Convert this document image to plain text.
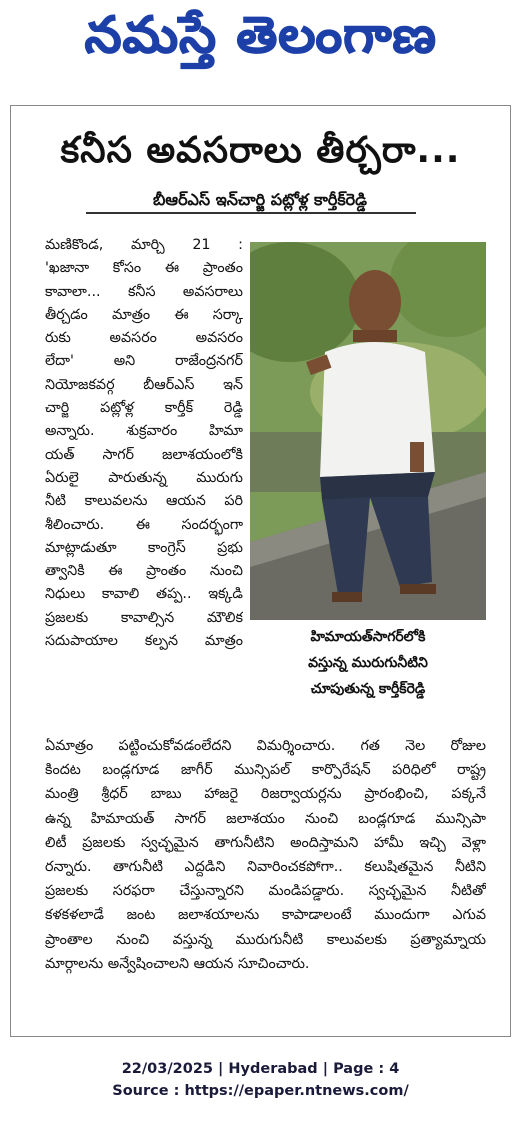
నమస్తే తెలంగాణ
కనీస అవసరాలు తీర్చరా...
బీఆర్‌ఎస్ ఇన్‌చార్జి పట్లోళ్ల కార్తీక్‌రెడ్డి
మణికొండ, మార్చి 21 :
'ఖజానా కోసం ఈ ప్రాంతం
కావాలా... కనీస అవసరాలు
తీర్చడం మాత్రం ఈ సర్కా
రుకు అవసరం అవసరం
లేదా' అని రాజేంద్రనగర్
నియోజకవర్గ బీఆర్‌ఎస్ ఇన్
చార్జి పట్లోళ్ల కార్తీక్ రెడ్డి
అన్నారు. శుక్రవారం హిమా
యత్ సాగర్ జలాశయంలోకి
ఏరులై పారుతున్న మురుగు
నీటి కాలువలను ఆయన పరి
శీలించారు. ఈ సందర్భంగా
మాట్లాడుతూ కాంగ్రెస్ ప్రభు
త్వానికి ఈ ప్రాంతం నుంచి
నిధులు కావాలి తప్ప.. ఇక్కడి
ప్రజలకు కావాల్సిన మౌలిక
సదుపాయాల కల్పన మాత్రం	హిమాయత్‌సాగర్‌లోకి
వస్తున్న మురుగునీటిని
చూపుతున్న కార్తీక్‌రెడ్డి
ఏమాత్రం పట్టించుకోవడంలేదని విమర్శించారు. గత నెల రోజుల
కిందట బండ్లగూడ జాగీర్ మున్సిపల్ కార్పొరేషన్ పరిధిలో రాష్ట్ర
మంత్రి శ్రీధర్ బాబు హాజరై రిజర్వాయర్లను ప్రారంభించి, పక్కనే
ఉన్న హిమాయత్ సాగర్ జలాశయం నుంచి బండ్లగూడ మున్సిపా
లిటీ ప్రజలకు స్వచ్ఛమైన తాగునీటిని అందిస్తామని హామీ ఇచ్చి వెళ్లా
రన్నారు. తాగునీటి ఎద్దడిని నివారించకపోగా.. కలుషితమైన నీటిని
ప్రజలకు సరఫరా చేస్తున్నారని మండిపడ్డారు. స్వచ్ఛమైన నీటితో
కళకళలాడే జంట జలాశయాలను కాపాడాలంటే ముందుగా ఎగువ
ప్రాంతాల నుంచి వస్తున్న మురుగునీటి కాలువలకు ప్రత్యామ్నాయ
మార్గాలను అన్వేషించాలని ఆయన సూచించారు.
22/03/2025 | Hyderabad | Page : 4
Source : https://epaper.ntnews.com/
